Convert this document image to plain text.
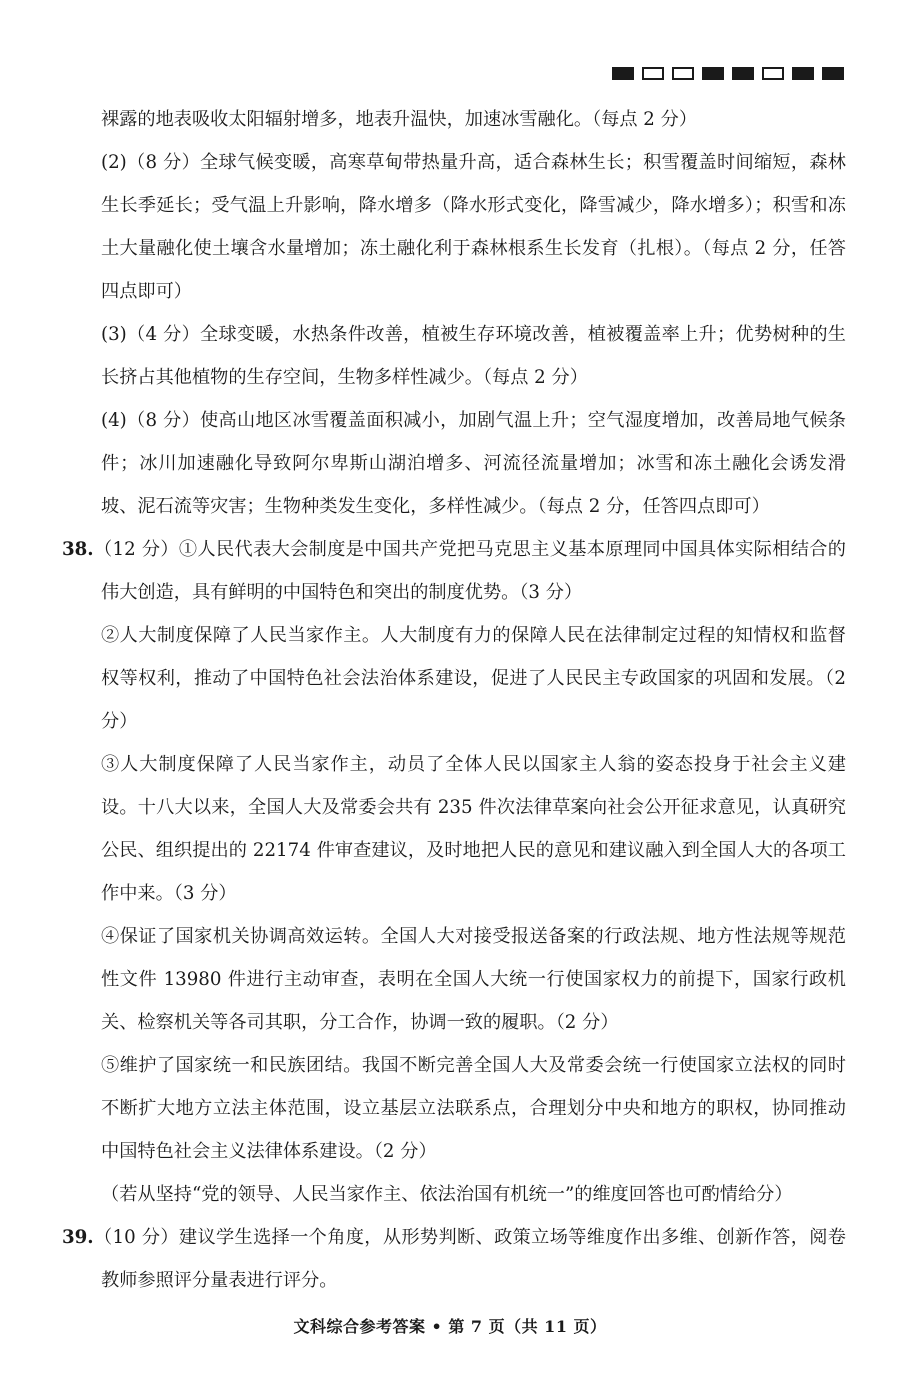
裸露的地表吸收太阳辐射增多，地表升温快，加速冰雪融化。（每点 2 分）

(2)（8 分）全球气候变暖，高寒草甸带热量升高，适合森林生长；积雪覆盖时间缩短，森林生长季延长；受气温上升影响，降水增多（降水形式变化，降雪减少，降水增多）；积雪和冻土大量融化使土壤含水量增加；冻土融化利于森林根系生长发育（扎根）。（每点 2 分，任答四点即可）

(3)（4 分）全球变暖，水热条件改善，植被生存环境改善，植被覆盖率上升；优势树种的生长挤占其他植物的生存空间，生物多样性减少。（每点 2 分）

(4)（8 分）使高山地区冰雪覆盖面积减小，加剧气温上升；空气湿度增加，改善局地气候条件；冰川加速融化导致阿尔卑斯山湖泊增多、河流径流量增加；冰雪和冻土融化会诱发滑坡、泥石流等灾害；生物种类发生变化，多样性减少。（每点 2 分，任答四点即可）

38.（12 分）①人民代表大会制度是中国共产党把马克思主义基本原理同中国具体实际相结合的伟大创造，具有鲜明的中国特色和突出的制度优势。（3 分）

②人大制度保障了人民当家作主。人大制度有力的保障人民在法律制定过程的知情权和监督权等权利，推动了中国特色社会法治体系建设，促进了人民民主专政国家的巩固和发展。（2 分）

③人大制度保障了人民当家作主，动员了全体人民以国家主人翁的姿态投身于社会主义建设。十八大以来，全国人大及常委会共有 235 件次法律草案向社会公开征求意见，认真研究公民、组织提出的 22174 件审查建议，及时地把人民的意见和建议融入到全国人大的各项工作中来。（3 分）

④保证了国家机关协调高效运转。全国人大对接受报送备案的行政法规、地方性法规等规范性文件 13980 件进行主动审查，表明在全国人大统一行使国家权力的前提下，国家行政机关、检察机关等各司其职，分工合作，协调一致的履职。（2 分）

⑤维护了国家统一和民族团结。我国不断完善全国人大及常委会统一行使国家立法权的同时不断扩大地方立法主体范围，设立基层立法联系点，合理划分中央和地方的职权，协同推动中国特色社会主义法律体系建设。（2 分）

（若从坚持“党的领导、人民当家作主、依法治国有机统一”的维度回答也可酌情给分）

39.（10 分）建议学生选择一个角度，从形势判断、政策立场等维度作出多维、创新作答，阅卷教师参照评分量表进行评分。

文科综合参考答案 • 第 7 页（共 11 页）
